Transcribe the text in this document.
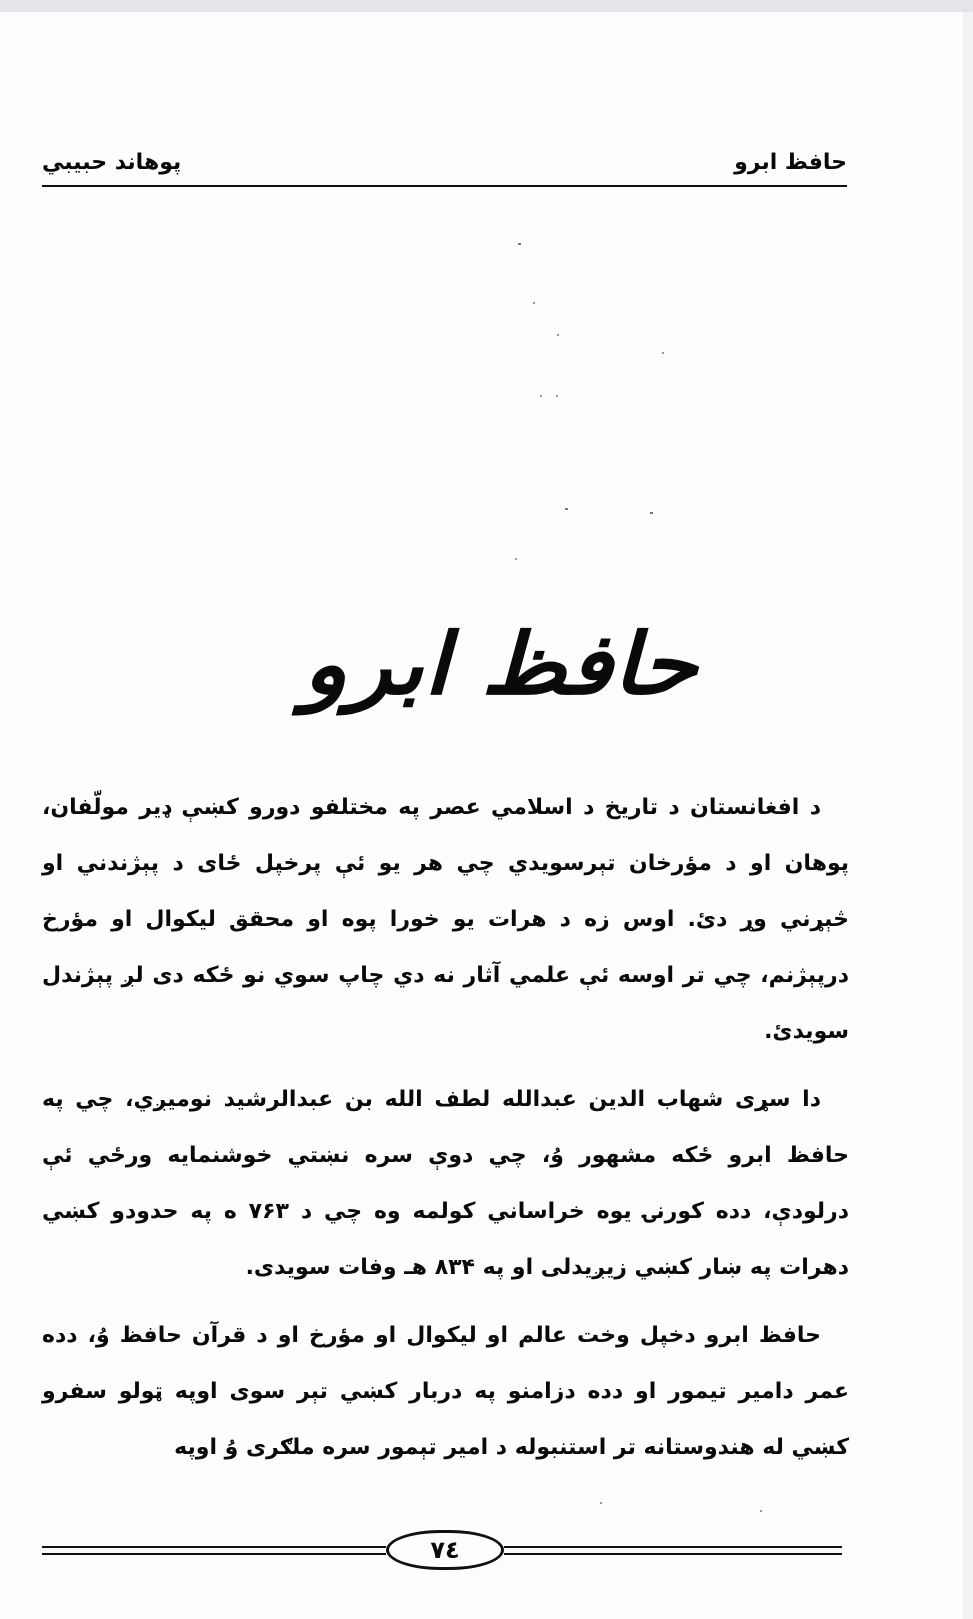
حافظ ابرو
پوهاند حبیبي
حافظ ابرو

د افغانستان د تاریخ د اسلامي عصر په مختلفو دورو کښې ډیر مولّفان، پوهان او د مؤرخان تېرسویدي چي هر یو ئې پرخپل ځای د پېژندني او څېړني وړ دئ. اوس زه د هرات یو خورا پوه او محقق لیکوال او مؤرخ درپېژنم، چي تر اوسه ئې علمي آثار نه دي چاپ سوي نو ځکه دی لږ پېژندل سویدئ.

دا سړی شهاب الدین عبدالله لطف الله بن عبدالرشید نومیږي، چي په حافظ ابرو ځکه مشهور وُ، چي دوې سره نښتي خوشنمایه ورځي ئې درلودې، دده کورنۍ یوه خراساني کولمه وه چي د ۷۶۳ ه په حدودو کښي دهرات په ښار کښي زیږیدلی او په ۸۳۴ هـ وفات سویدی.

حافظ ابرو دخپل وخت عالم او لیکوال او مؤرخ او د قرآن حافظ وُ، دده عمر دامیر تیمور او دده دزامنو په دربار کښي تېر سوی اوپه ټولو سفرو کښي له هندوستانه تر استنبوله د امیر تېمور سره ملګری وُ اوپه

٧٤
